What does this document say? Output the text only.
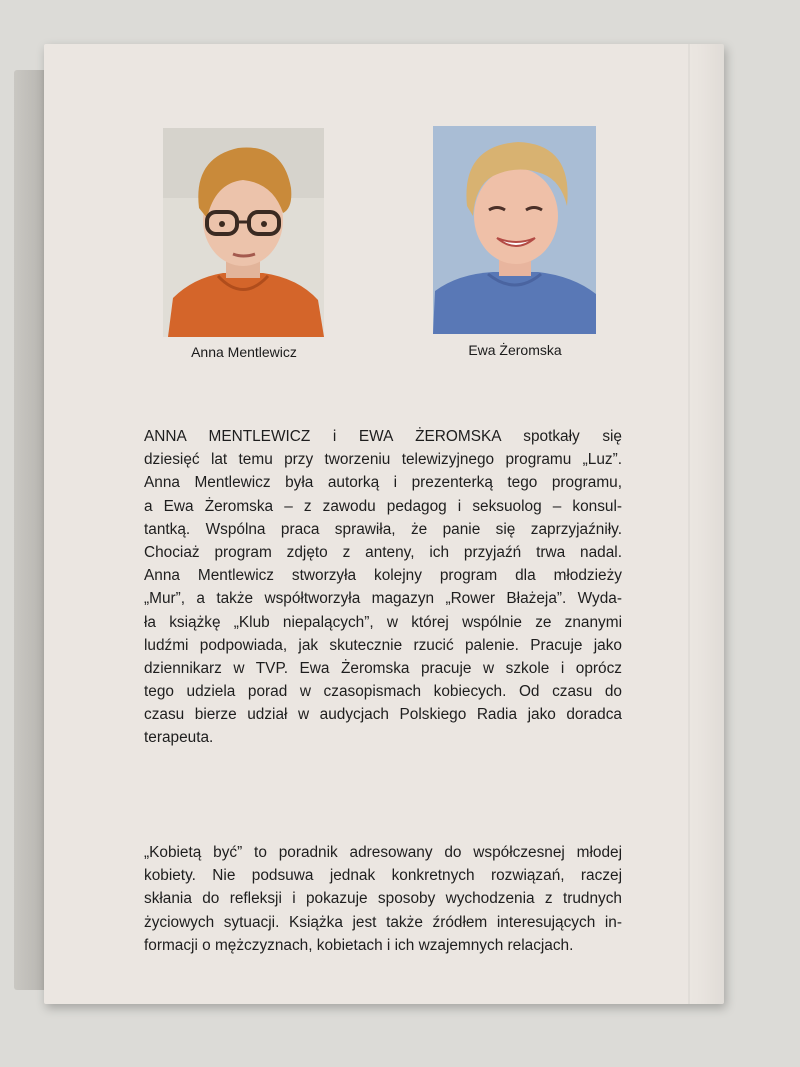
Anna Mentlewicz	Ewa Żeromska
ANNA MENTLEWICZ i EWA ŻEROMSKA spotkały się
dziesięć lat temu przy tworzeniu telewizyjnego programu „Luz”.
Anna Mentlewicz była autorką i prezenterką tego programu,
a Ewa Żeromska – z zawodu pedagog i seksuolog – konsul-
tantką. Wspólna praca sprawiła, że panie się zaprzyjaźniły.
Chociaż program zdjęto z anteny, ich przyjaźń trwa nadal.
Anna Mentlewicz stworzyła kolejny program dla młodzieży
„Mur”, a także współtworzyła magazyn „Rower Błażeja”. Wyda-
ła książkę „Klub niepalących”, w której wspólnie ze znanymi
ludźmi podpowiada, jak skutecznie rzucić palenie. Pracuje jako
dziennikarz w TVP. Ewa Żeromska pracuje w szkole i oprócz
tego udziela porad w czasopismach kobiecych. Od czasu do
czasu bierze udział w audycjach Polskiego Radia jako doradca
terapeuta.
„Kobietą być” to poradnik adresowany do współczesnej młodej
kobiety. Nie podsuwa jednak konkretnych rozwiązań, raczej
skłania do refleksji i pokazuje sposoby wychodzenia z trudnych
życiowych sytuacji. Książka jest także źródłem interesujących in-
formacji o mężczyznach, kobietach i ich wzajemnych relacjach.
